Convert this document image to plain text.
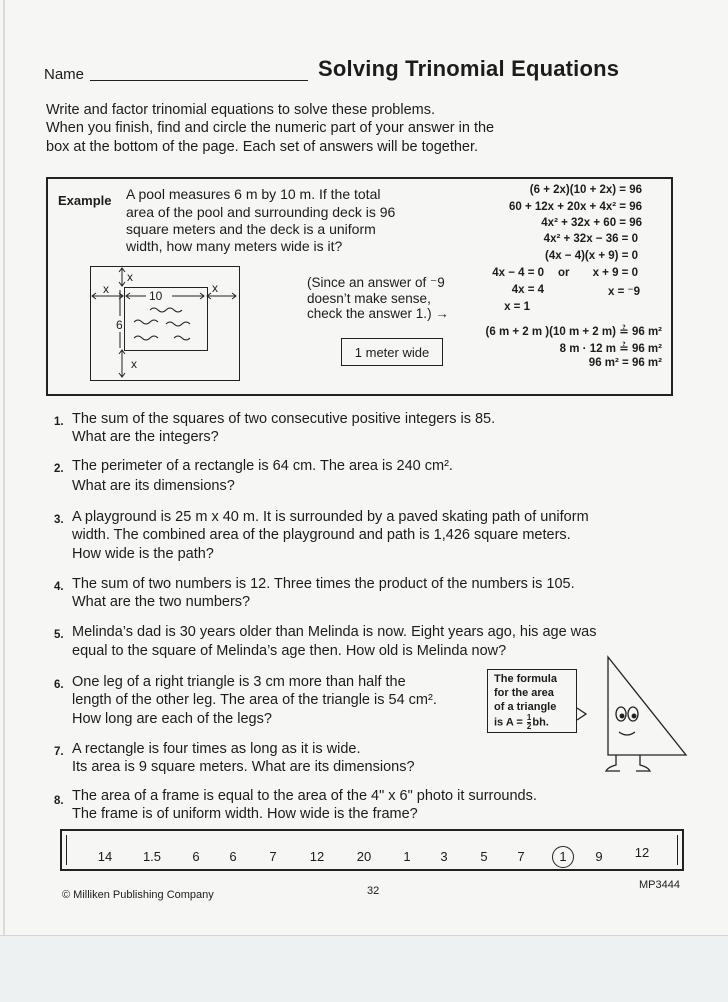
Name	Solving Trinomial Equations
Write and factor trinomial equations to solve these problems.
When you finish, find and circle the numeric part of your answer in the
box at the bottom of the page. Each set of answers will be together.
Example A pool measures 6 m by 10 m. If the total
area of the pool and surrounding deck is 96
square meters and the deck is a uniform
width, how many meters wide is it?
x
x	x
10
6
x
(Since an answer of ⁻9
doesn’t make sense,
check the answer 1.) →
1 meter wide
(6 + 2x)(10 + 2x) = 96
60 + 12x + 20x + 4x² = 96
4x² + 32x + 60 = 96
4x² + 32x − 36 = 0
(4x − 4)(x + 9) = 0
4x − 4 = 0 or	x + 9 = 0
4x = 4	x = ⁻9
x = 1
(6 m + 2 m )(10 m + 2 m) ≟ 96 m²
8 m · 12 m ≟ 96 m²
96 m² = 96 m²
1. The sum of the squares of two consecutive positive integers is 85.
What are the integers?
2. The perimeter of a rectangle is 64 cm. The area is 240 cm².
What are its dimensions?
3. A playground is 25 m x 40 m. It is surrounded by a paved skating path of uniform
width. The combined area of the playground and path is 1,426 square meters.
How wide is the path?
4. The sum of two numbers is 12. Three times the product of the numbers is 105.
What are the two numbers?
5. Melinda’s dad is 30 years older than Melinda is now. Eight years ago, his age was
equal to the square of Melinda’s age then. How old is Melinda now?
6. One leg of a right triangle is 3 cm more than half the
length of the other leg. The area of the triangle is 54 cm².
How long are each of the legs?
7. A rectangle is four times as long as it is wide.
Its area is 9 square meters. What are its dimensions?
8. The area of a frame is equal to the area of the 4" x 6" photo it surrounds.
The frame is of uniform width. How wide is the frame?
The formula
for the area
of a triangle
is $A = \frac{1}{2}$ bh.
14	1.5	6	6	7	12	20	1	3	5	7	1	9	12
© Milliken Publishing Company	32	MP3444
